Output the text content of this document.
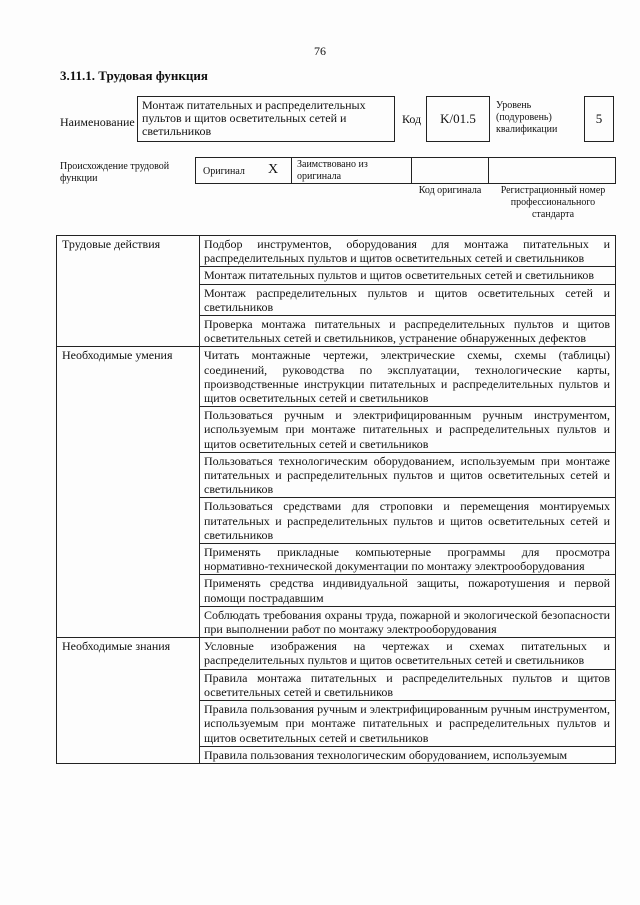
76
3.11.1. Трудовая функция
Наименование
Монтаж питательных и распределительных пультов и щитов осветительных сетей и светильников
Код	K/01.5
Уровень (подуровень) квалификации
5
Происхождение трудовой функции
Оригинал X Заимствовано из оригинала
Код оригинала	Регистрационный номер профессионального стандарта
Трудовые действия	Подбор инструментов, оборудования для монтажа питательных и распределительных пультов и щитов осветительных сетей и светильников
	Монтаж питательных пультов и щитов осветительных сетей и светильников
	Монтаж распределительных пультов и щитов осветительных сетей и светильников
	Проверка монтажа питательных и распределительных пультов и щитов осветительных сетей и светильников, устранение обнаруженных дефектов
Необходимые умения	Читать монтажные чертежи, электрические схемы, схемы (таблицы) соединений, руководства по эксплуатации, технологические карты, производственные инструкции питательных и распределительных пультов и щитов осветительных сетей и светильников
	Пользоваться ручным и электрифицированным ручным инструментом, используемым при монтаже питательных и распределительных пультов и щитов осветительных сетей и светильников
	Пользоваться технологическим оборудованием, используемым при монтаже питательных и распределительных пультов и щитов осветительных сетей и светильников
	Пользоваться средствами для строповки и перемещения монтируемых питательных и распределительных пультов и щитов осветительных сетей и светильников
	Применять прикладные компьютерные программы для просмотра нормативно-технической документации по монтажу электрооборудования
	Применять средства индивидуальной защиты, пожаротушения и первой помощи пострадавшим
	Соблюдать требования охраны труда, пожарной и экологической безопасности при выполнении работ по монтажу электрооборудования
Необходимые знания	Условные изображения на чертежах и схемах питательных и распределительных пультов и щитов осветительных сетей и светильников
	Правила монтажа питательных и распределительных пультов и щитов осветительных сетей и светильников
	Правила пользования ручным и электрифицированным ручным инструментом, используемым при монтаже питательных и распределительных пультов и щитов осветительных сетей и светильников
	Правила пользования технологическим оборудованием, используемым
